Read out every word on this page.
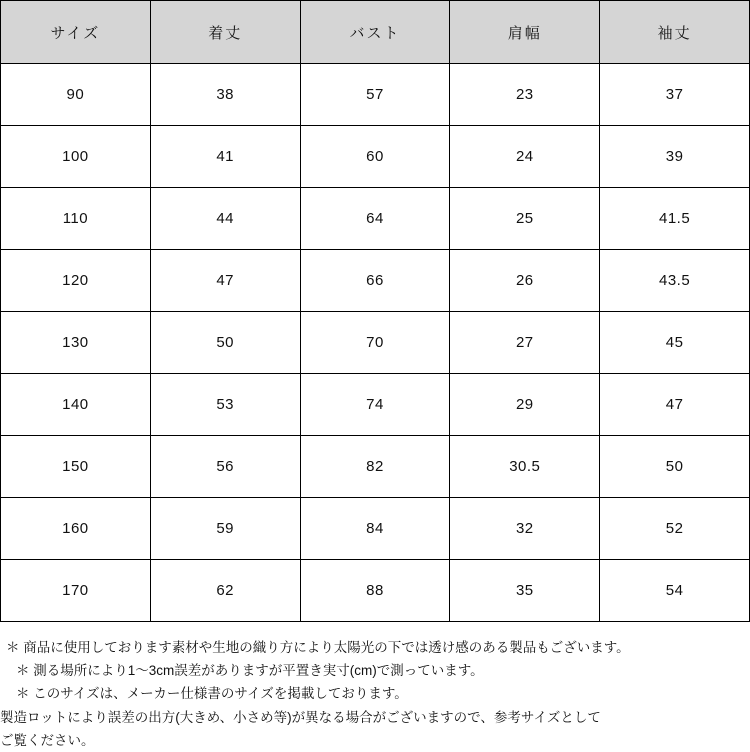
サイズ	着丈	バスト	肩幅	袖丈
90	38	57	23	37
100	41	60	24	39
110	44	64	25	41.5
120	47	66	26	43.5
130	50	70	27	45
140	53	74	29	47
150	56	82	30.5	50
160	59	84	32	52
170	62	88	35	54
＊ 商品に使用しております素材や生地の織り方により太陽光の下では透け感のある製品もございます。
＊ 測る場所により1〜3cm誤差がありますが平置き実寸(cm)で測っています。
＊ このサイズは、メーカー仕様書のサイズを掲載しております。
製造ロットにより誤差の出方(大きめ、小さめ等)が異なる場合がございますので、参考サイズとして
ご覧ください。
